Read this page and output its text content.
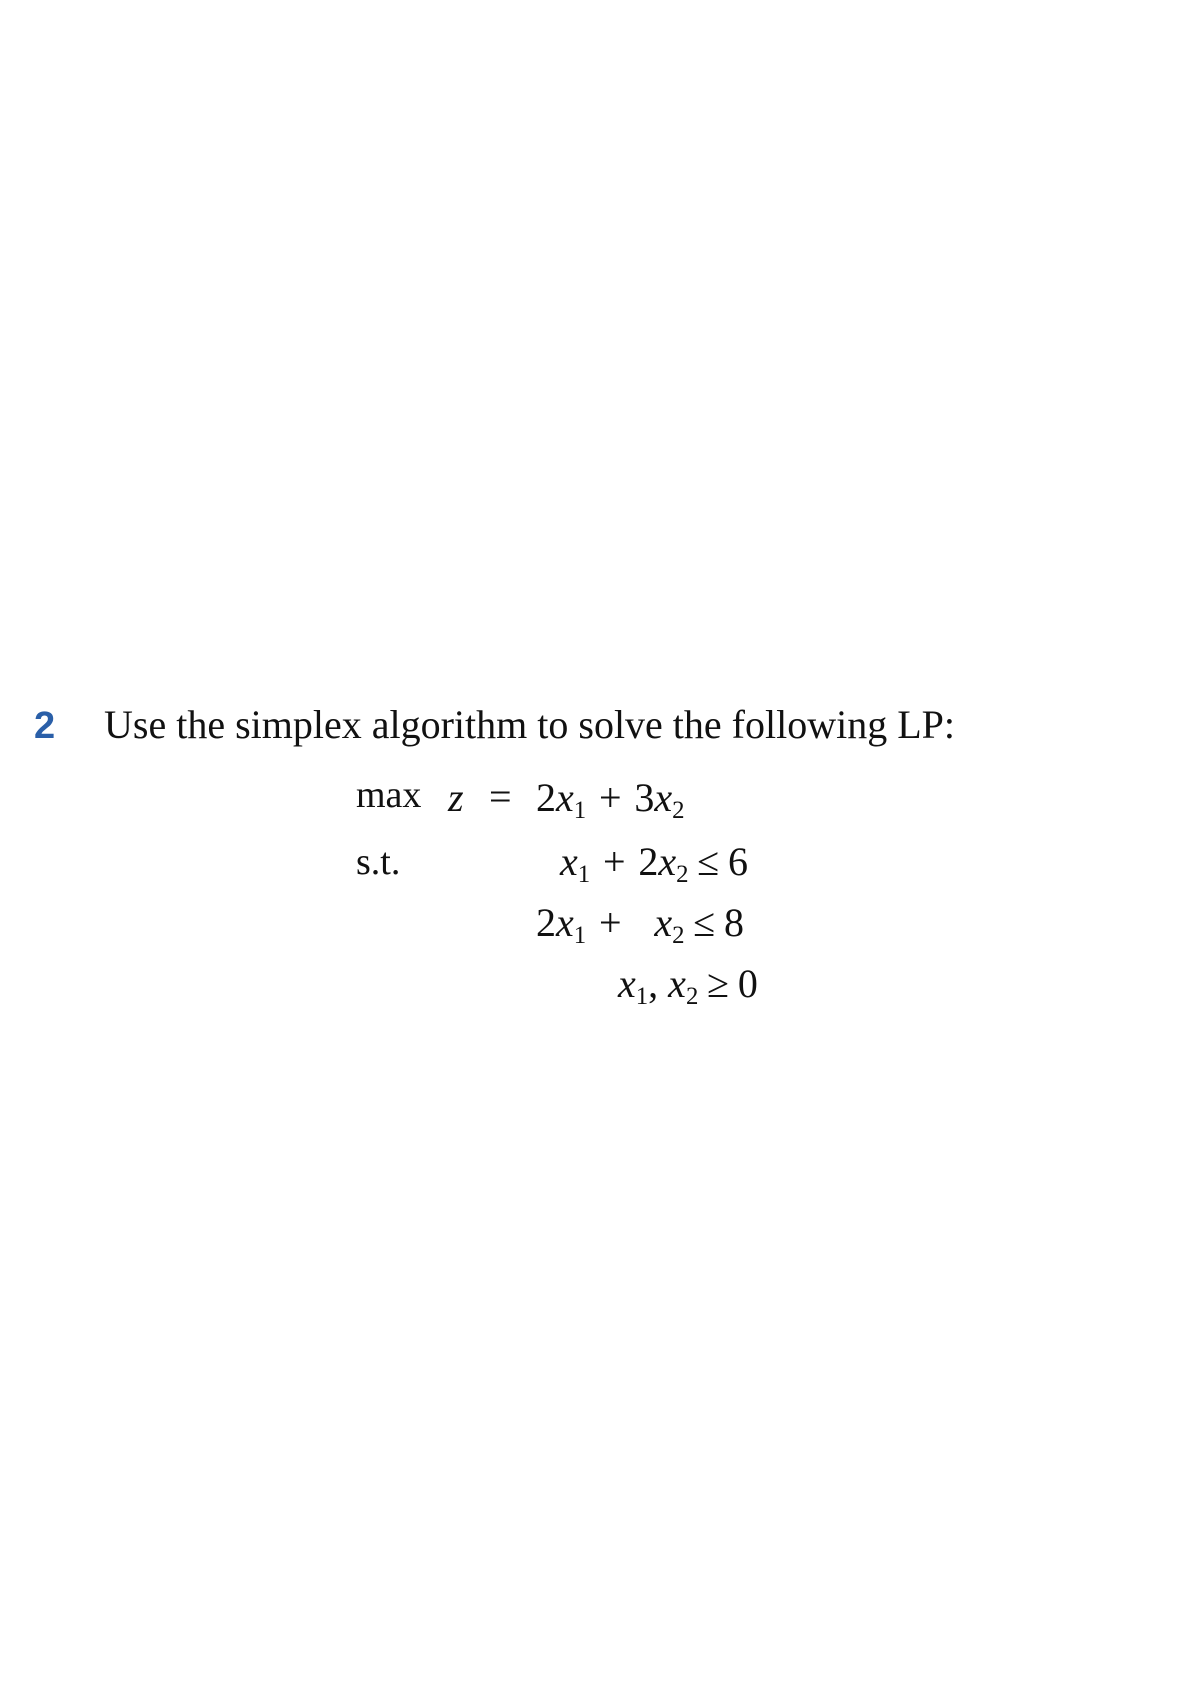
2 Use the simplex algorithm to solve the following LP:
$\max z = 2x_1 + 3x_2$
s.t.	$x_1 + 2x_2 \le 6$
$2x_1 + x_2 \le 8$
$x_1$, $x_2 \ge 0$
